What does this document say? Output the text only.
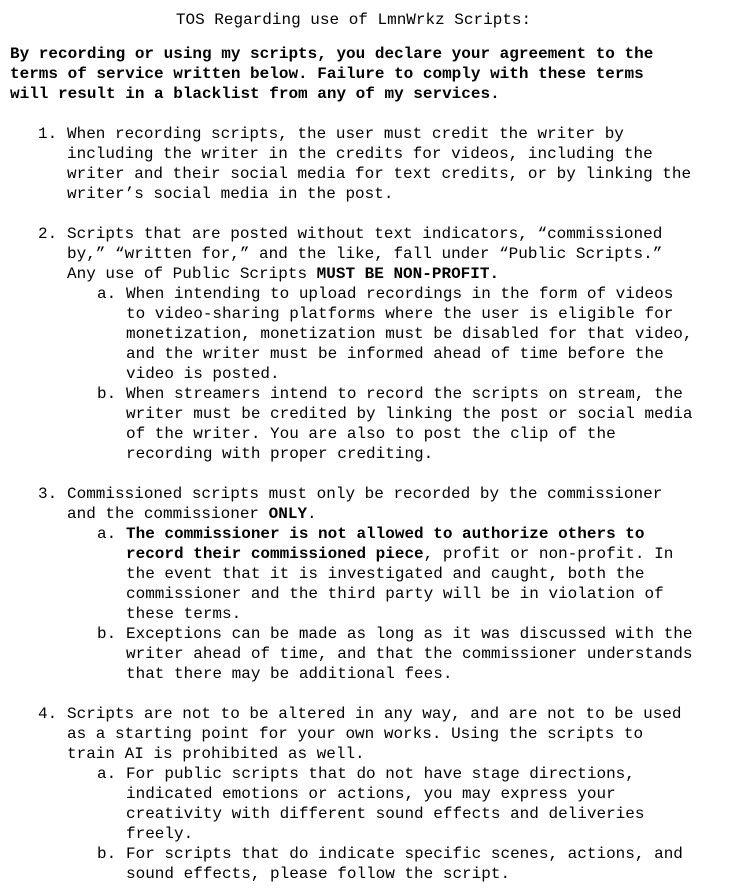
TOS Regarding use of LmnWrkz Scripts:

By recording or using my scripts, you declare your agreement to the terms of service written below. Failure to comply with these terms will result in a blacklist from any of my services.

1. When recording scripts, the user must credit the writer by including the writer in the credits for videos, including the writer and their social media for text credits, or by linking the writer’s social media in the post.
2. Scripts that are posted without text indicators, “commissioned by,” “written for,” and the like, fall under “Public Scripts.” Any use of Public Scripts MUST BE NON-PROFIT.
a. When intending to upload recordings in the form of videos to video-sharing platforms where the user is eligible for monetization, monetization must be disabled for that video, and the writer must be informed ahead of time before the video is posted.
b. When streamers intend to record the scripts on stream, the writer must be credited by linking the post or social media of the writer. You are also to post the clip of the recording with proper crediting.
3. Commissioned scripts must only be recorded by the commissioner and the commissioner ONLY.
a. The commissioner is not allowed to authorize others to record their commissioned piece, profit or non-profit. In the event that it is investigated and caught, both the commissioner and the third party will be in violation of these terms.
b. Exceptions can be made as long as it was discussed with the writer ahead of time, and that the commissioner understands that there may be additional fees.
4. Scripts are not to be altered in any way, and are not to be used as a starting point for your own works. Using the scripts to train AI is prohibited as well.
a. For public scripts that do not have stage directions, indicated emotions or actions, you may express your creativity with different sound effects and deliveries freely.
b. For scripts that do indicate specific scenes, actions, and sound effects, please follow the script.
